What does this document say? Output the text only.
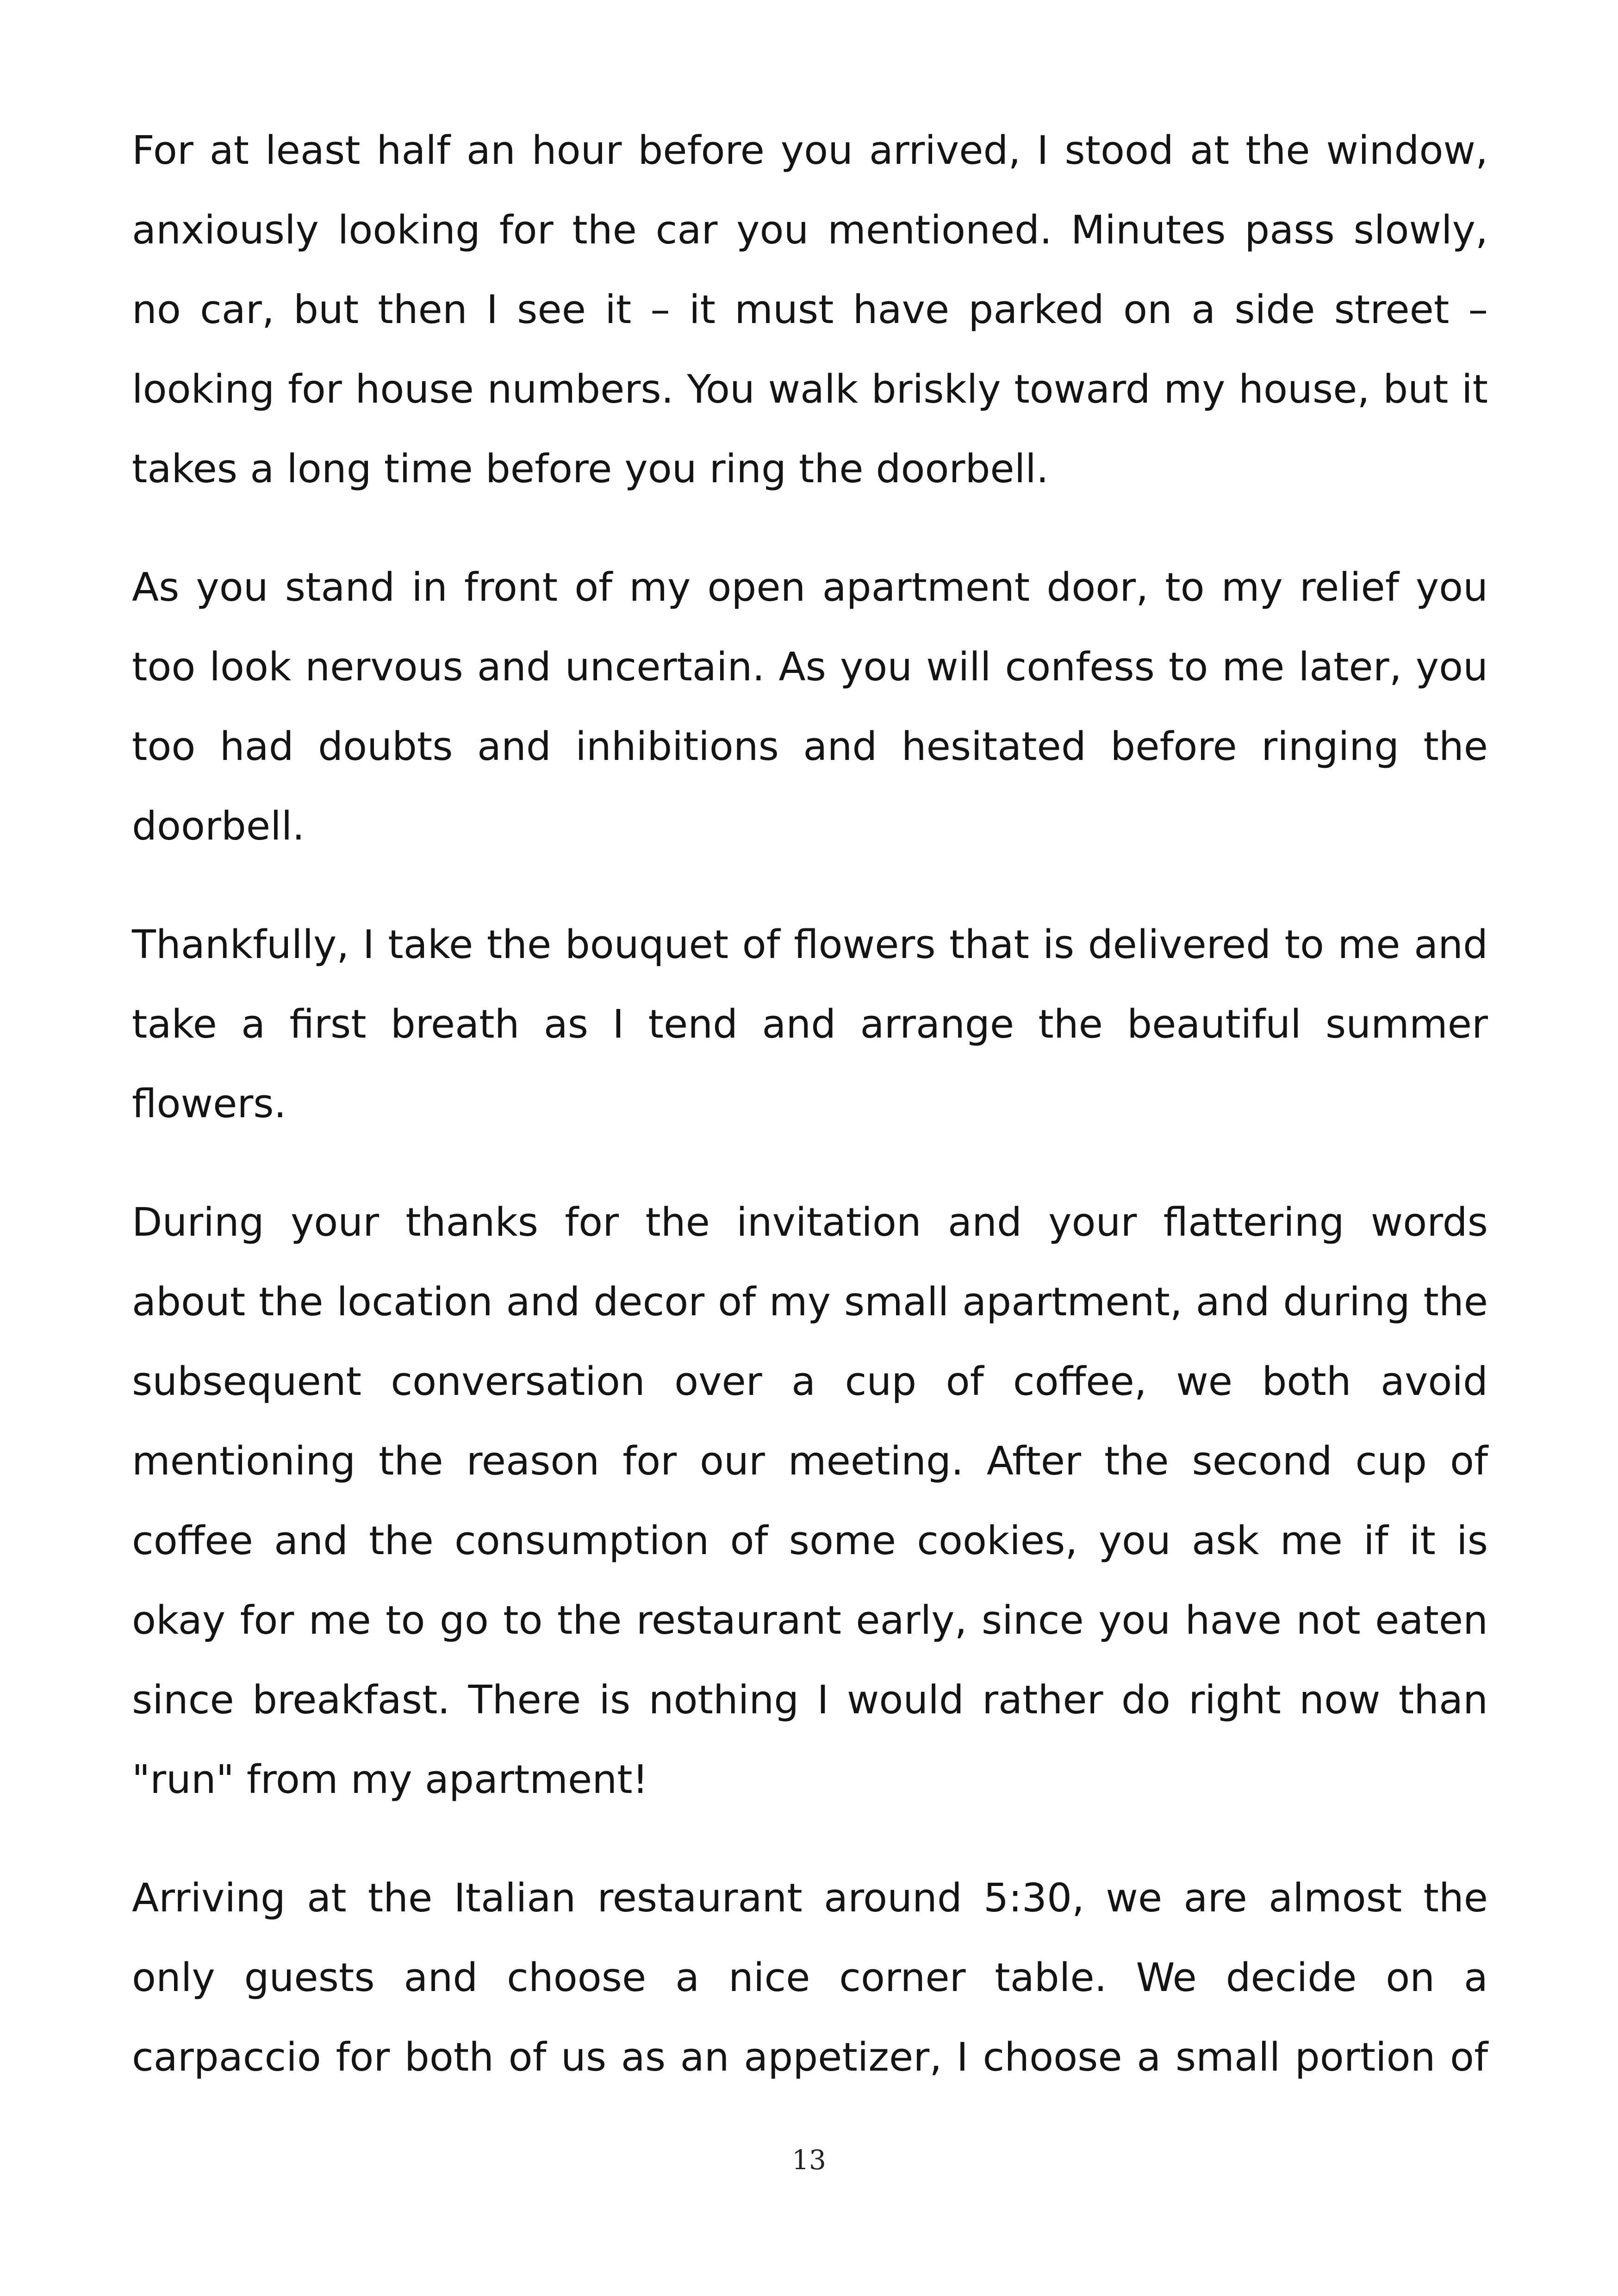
For at least half an hour before you arrived, I stood at the window, anxiously looking for the car you mentioned. Minutes pass slowly, no car, but then I see it – it must have parked on a side street – looking for house numbers. You walk briskly toward my house, but it takes a long time before you ring the doorbell.

As you stand in front of my open apartment door, to my relief you too look nervous and uncertain. As you will confess to me later, you too had doubts and inhibitions and hesitated before ringing the doorbell.

Thankfully, I take the bouquet of flowers that is delivered to me and take a first breath as I tend and arrange the beautiful summer flowers.

During your thanks for the invitation and your flattering words about the location and decor of my small apartment, and during the subsequent conversation over a cup of coffee, we both avoid mentioning the reason for our meeting. After the second cup of coffee and the consumption of some cookies, you ask me if it is okay for me to go to the restaurant early, since you have not eaten since breakfast. There is nothing I would rather do right now than "run" from my apartment!

Arriving at the Italian restaurant around 5:30, we are almost the only guests and choose a nice corner table. We decide on a carpaccio for both of us as an appetizer, I choose a small portion of

13
